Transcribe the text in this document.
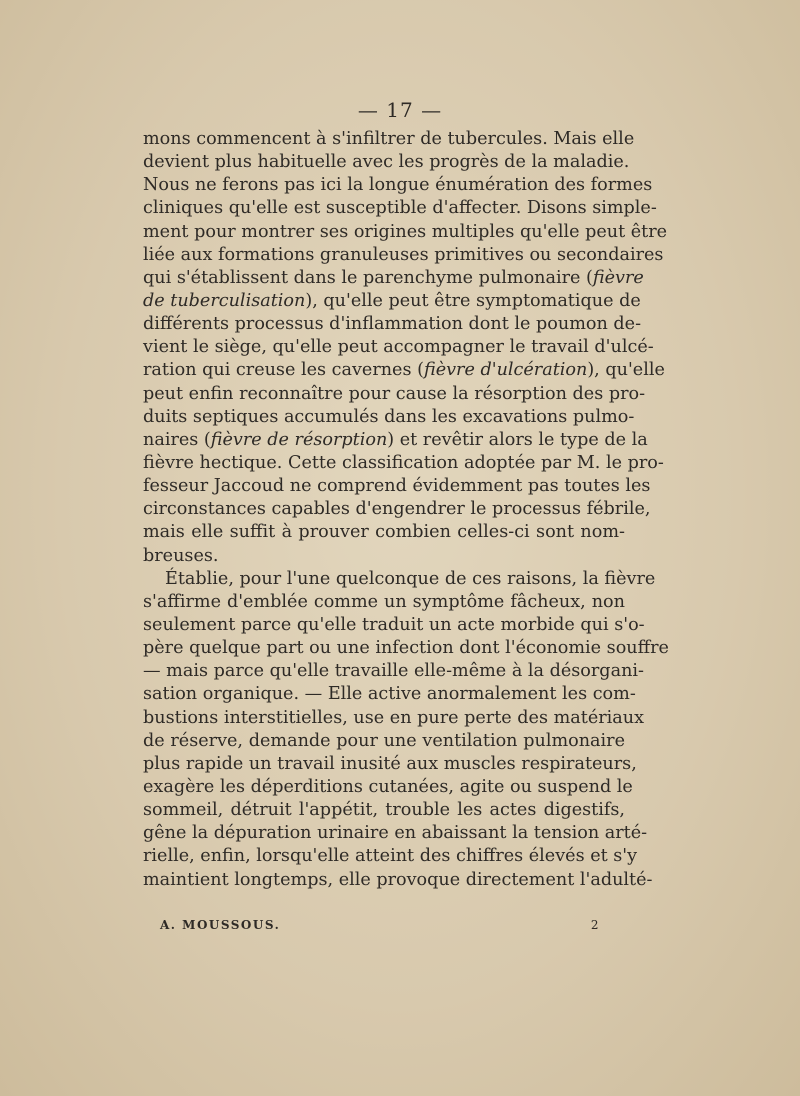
— 17 —
mons commencent à s'infiltrer de tubercules. Mais elle
devient plus habituelle avec les progrès de la maladie.
Nous ne ferons pas ici la longue énumération des formes
cliniques qu'elle est susceptible d'affecter. Disons simple-
ment pour montrer ses origines multiples qu'elle peut être
liée aux formations granuleuses primitives ou secondaires
qui s'établissent dans le parenchyme pulmonaire (fièvre
de tuberculisation), qu'elle peut être symptomatique de
différents processus d'inflammation dont le poumon de-
vient le siège, qu'elle peut accompagner le travail d'ulcé-
ration qui creuse les cavernes (fièvre d'ulcération), qu'elle
peut enfin reconnaître pour cause la résorption des pro-
duits septiques accumulés dans les excavations pulmo-
naires (fièvre de résorption) et revêtir alors le type de la
fièvre hectique. Cette classification adoptée par M. le pro-
fesseur Jaccoud ne comprend évidemment pas toutes les
circonstances capables d'engendrer le processus fébrile,
mais elle suffit à prouver combien celles-ci sont nom-
breuses.
Établie, pour l'une quelconque de ces raisons, la fièvre
s'affirme d'emblée comme un symptôme fâcheux, non
seulement parce qu'elle traduit un acte morbide qui s'o-
père quelque part ou une infection dont l'économie souffre
— mais parce qu'elle travaille elle-même à la désorgani-
sation organique. — Elle active anormalement les com-
bustions interstitielles, use en pure perte des matériaux
de réserve, demande pour une ventilation pulmonaire
plus rapide un travail inusité aux muscles respirateurs,
exagère les déperditions cutanées, agite ou suspend le
sommeil, détruit l'appétit, trouble les actes digestifs,
gêne la dépuration urinaire en abaissant la tension arté-
rielle, enfin, lorsqu'elle atteint des chiffres élevés et s'y
maintient longtemps, elle provoque directement l'adulté-
A. MOUSSOUS.	2
